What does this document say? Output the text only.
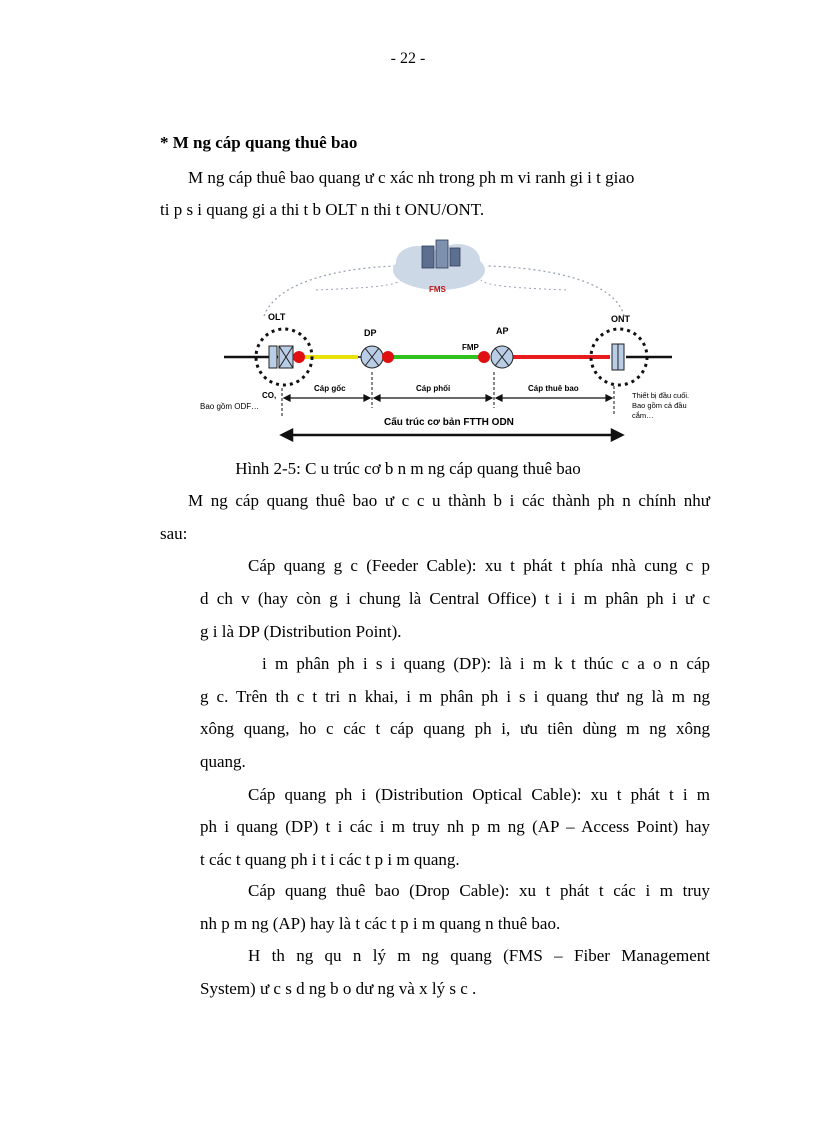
- 22 -
* M ng cáp quang thuê bao
M ng cáp thuê bao quang ư c xác nh trong ph m vi ranh gi i t giao
ti p s i quang gi a thi t b OLT n thi t ONU/ONT.
FMS
OLT
DP
FMP
AP
ONT
Cáp gốc	Cáp phối	Cáp thuê bao
CO,
Bao gồm ODF…
Thiết bị đầu cuối.
Bao gồm cả đầu
cắm…
Cấu trúc cơ bản FTTH ODN
Hình 2-5: C u trúc cơ b n m ng cáp quang thuê bao
M ng cáp quang thuê bao ư c c u thành b i các thành ph n chính như
sau:
Cáp quang g c (Feeder Cable): xu t phát t phía nhà cung c p
d ch v (hay còn g i chung là Central Office) t i i m phân ph i ư c
g i là DP (Distribution Point).
i m phân ph i s i quang (DP): là i m k t thúc c a o n cáp
g c. Trên th c t tri n khai, i m phân ph i s i quang thư ng là m ng
xông quang, ho c các t cáp quang ph i, ưu tiên dùng m ng xông
quang.
Cáp quang ph i (Distribution Optical Cable): xu t phát t i m
ph i quang (DP) t i các i m truy nh p m ng (AP – Access Point) hay
t các t quang ph i t i các t p i m quang.
Cáp quang thuê bao (Drop Cable): xu t phát t các i m truy
nh p m ng (AP) hay là t các t p i m quang n thuê bao.
H th ng qu n lý m ng quang (FMS – Fiber Management
System) ư c s d ng b o dư ng và x lý s c .
